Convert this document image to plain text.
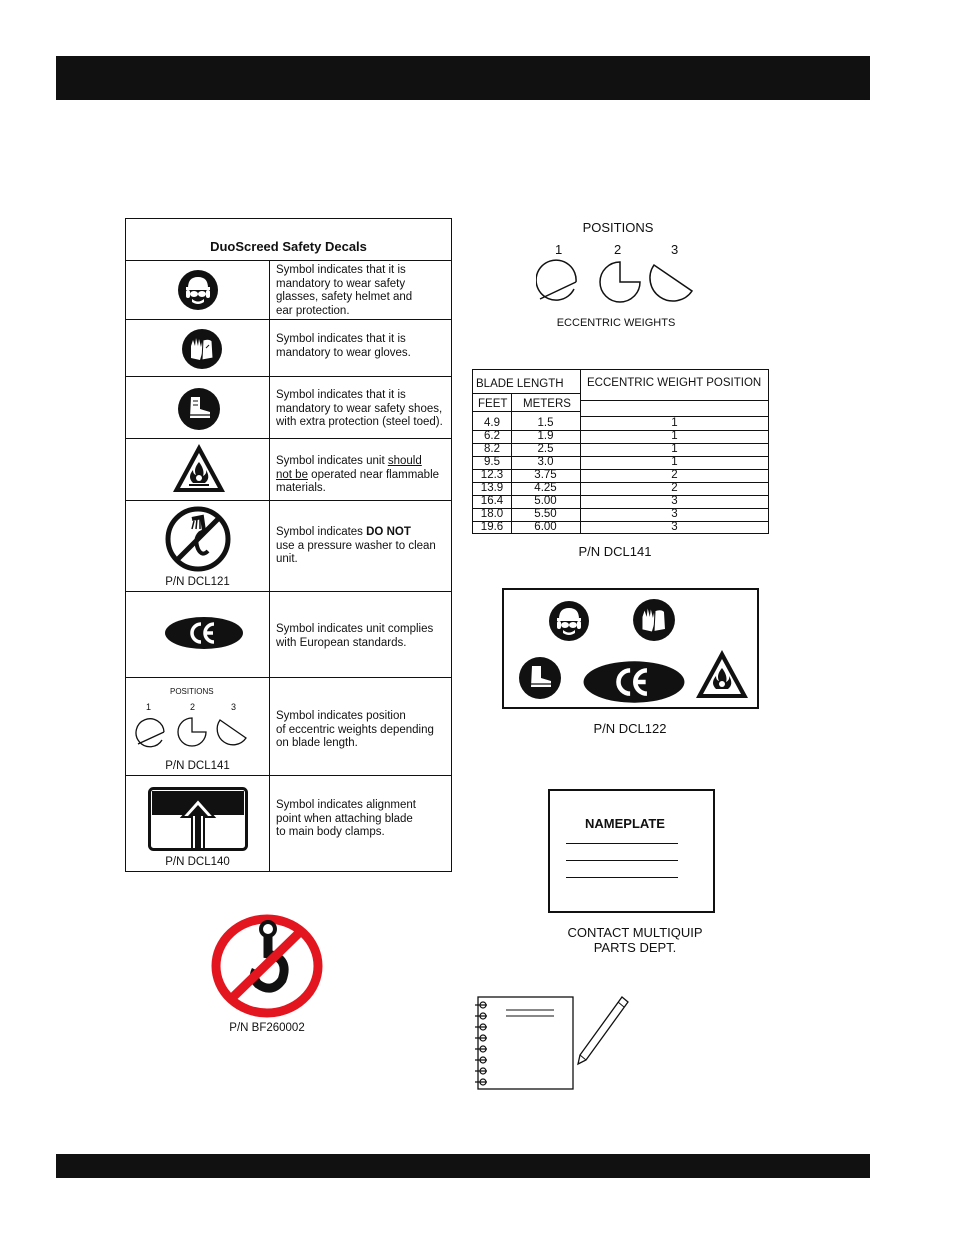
DuoScreed Safety Decals
Symbol indicates that it is
mandatory to wear safety
glasses, safety helmet and
ear protection.
Symbol indicates that it is
mandatory to wear gloves.
Symbol indicates that it is
mandatory to wear safety shoes,
with extra protection (steel toed).
Symbol indicates unit should
not be operated near flammable
materials.
P/N DCL121
Symbol indicates DO NOT
use a pressure washer to clean
unit.
Symbol indicates unit complies
with European standards.
POSITIONS
1	2	3
P/N DCL141
Symbol indicates position
of eccentric weights depending
on blade length.
P/N DCL140
Symbol indicates alignment
point when attaching blade
to main body clamps.
P/N BF260002
POSITIONS
1	2	3
ECCENTRIC WEIGHTS
BLADE LENGTH ECCENTRIC WEIGHT POSITION
FEET METERS
4.9	1.5	1
6.2	1.9	1
8.2	2.5	1
9.5	3.0	1
12.3	3.75	2
13.9	4.25	2
16.4	5.00	3
18.0	5.50	3
19.6	6.00	3
P/N DCL141
P/N DCL122
NAMEPLATE
CONTACT MULTIQUIP
PARTS DEPT.
